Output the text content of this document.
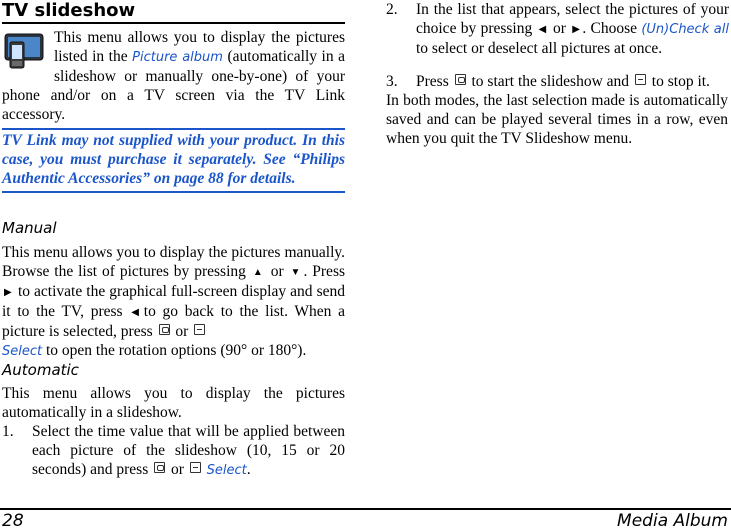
TV slideshow
This menu allows you to display the pictures listed in the Picture album (automatically in a slideshow or manually one-by-one) of your phone and/or on a TV screen via the TV Link accessory.
TV Link may not supplied with your product. In this case, you must purchase it separately. See “Philips Authentic Accessories” on page 88 for details.
Manual
This menu allows you to display the pictures manually. Browse the list of pictures by pressing ▲ or ▼ . Press ▶ to activate the graphical full-screen display and send it to the TV, press ◀ to go back to the list. When a picture is selected, press or
Select to open the rotation options (90° or 180°).
Automatic
This menu allows you to display the pictures automatically in a slideshow.
1. Select the time value that will be applied between each picture of the slideshow (10, 15 or 20 seconds) and press or Select.
2. In the list that appears, select the pictures of your choice by pressing ◀ or ▶ . Choose (Un)Check all to select or deselect all pictures at once.
3. Press to start the slideshow and to stop it.
In both modes, the last selection made is automatically saved and can be played several times in a row, even when you quit the TV Slideshow menu.
28	Media Album
